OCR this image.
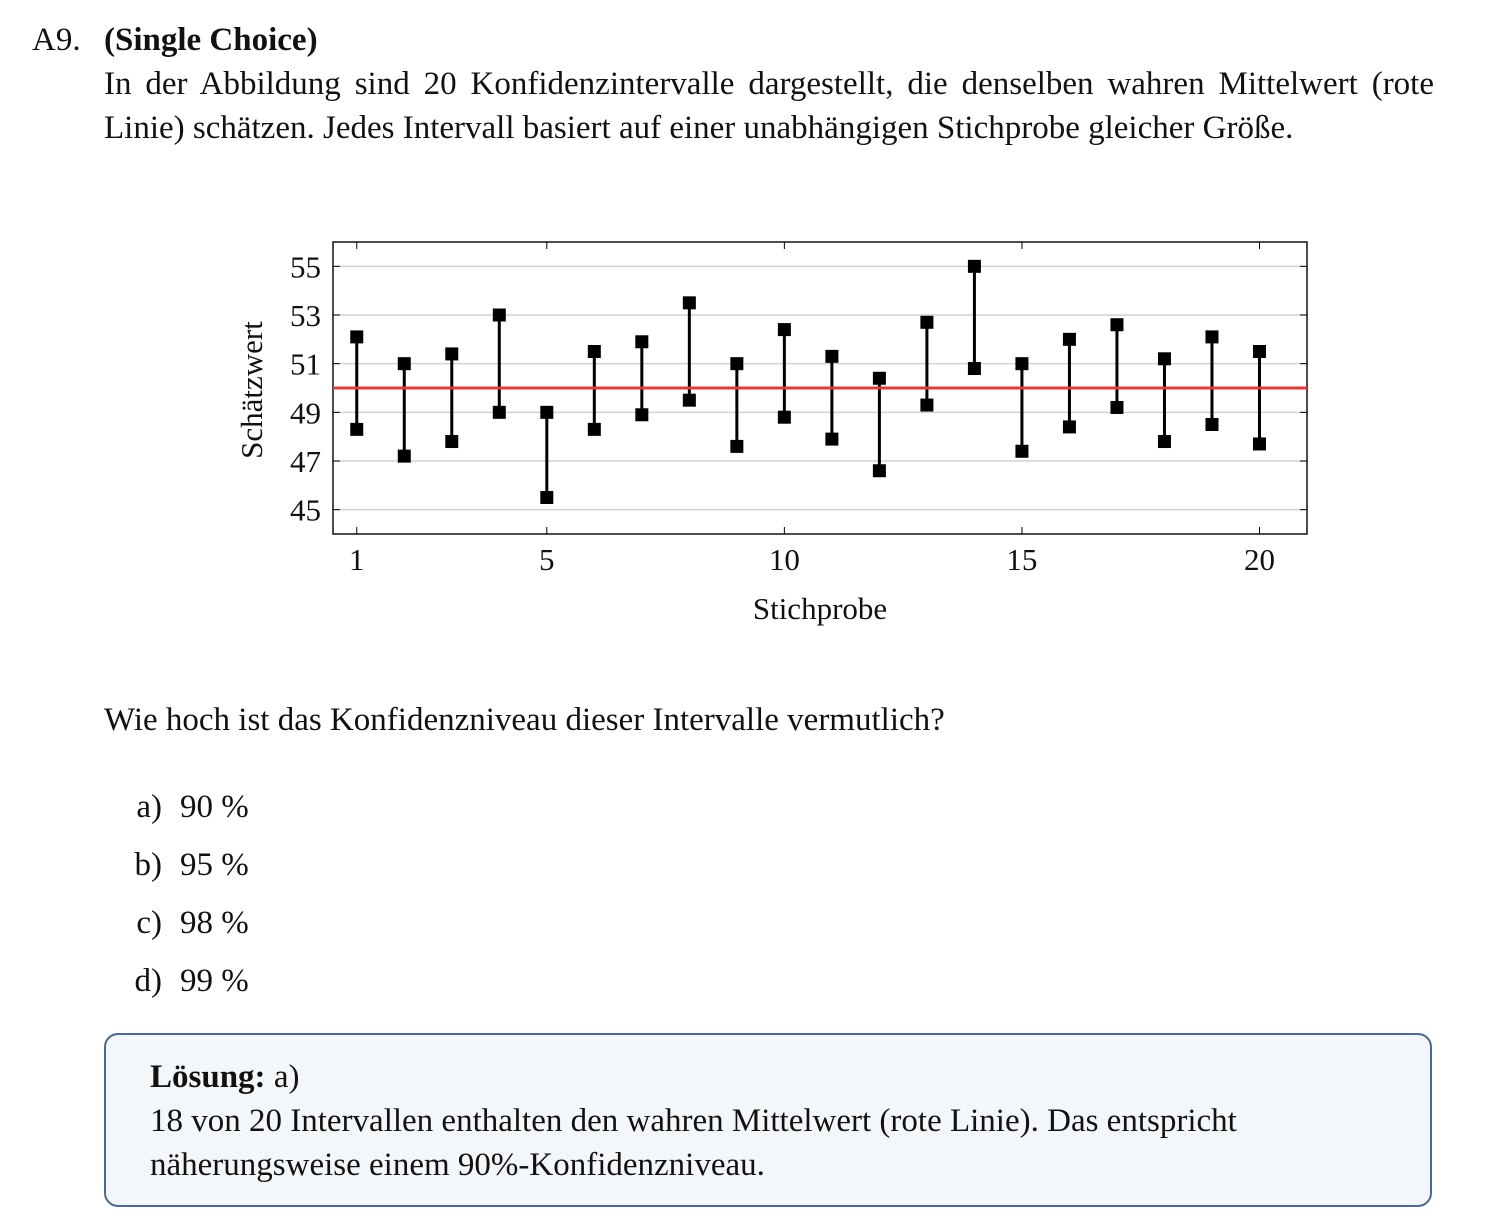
A9. (Single Choice)
In der Abbildung sind 20 Konfidenzintervalle dargestellt, die denselben wahren Mittelwert (rote Linie) schätzen. Jedes Intervall basiert auf einer unabhängigen Stichprobe gleicher Größe.
45
47
49
51
53
55
1	5	10	15	20
Stichprobe
Schätzwert
Wie hoch ist das Konfidenzniveau dieser Intervalle vermutlich?
a) 90 %
b) 95 %
c) 98 %
d) 99 %
Lösung: a)
18 von 20 Intervallen enthalten den wahren Mittelwert (rote Linie). Das entspricht näherungsweise einem 90%-Konfidenzniveau.
